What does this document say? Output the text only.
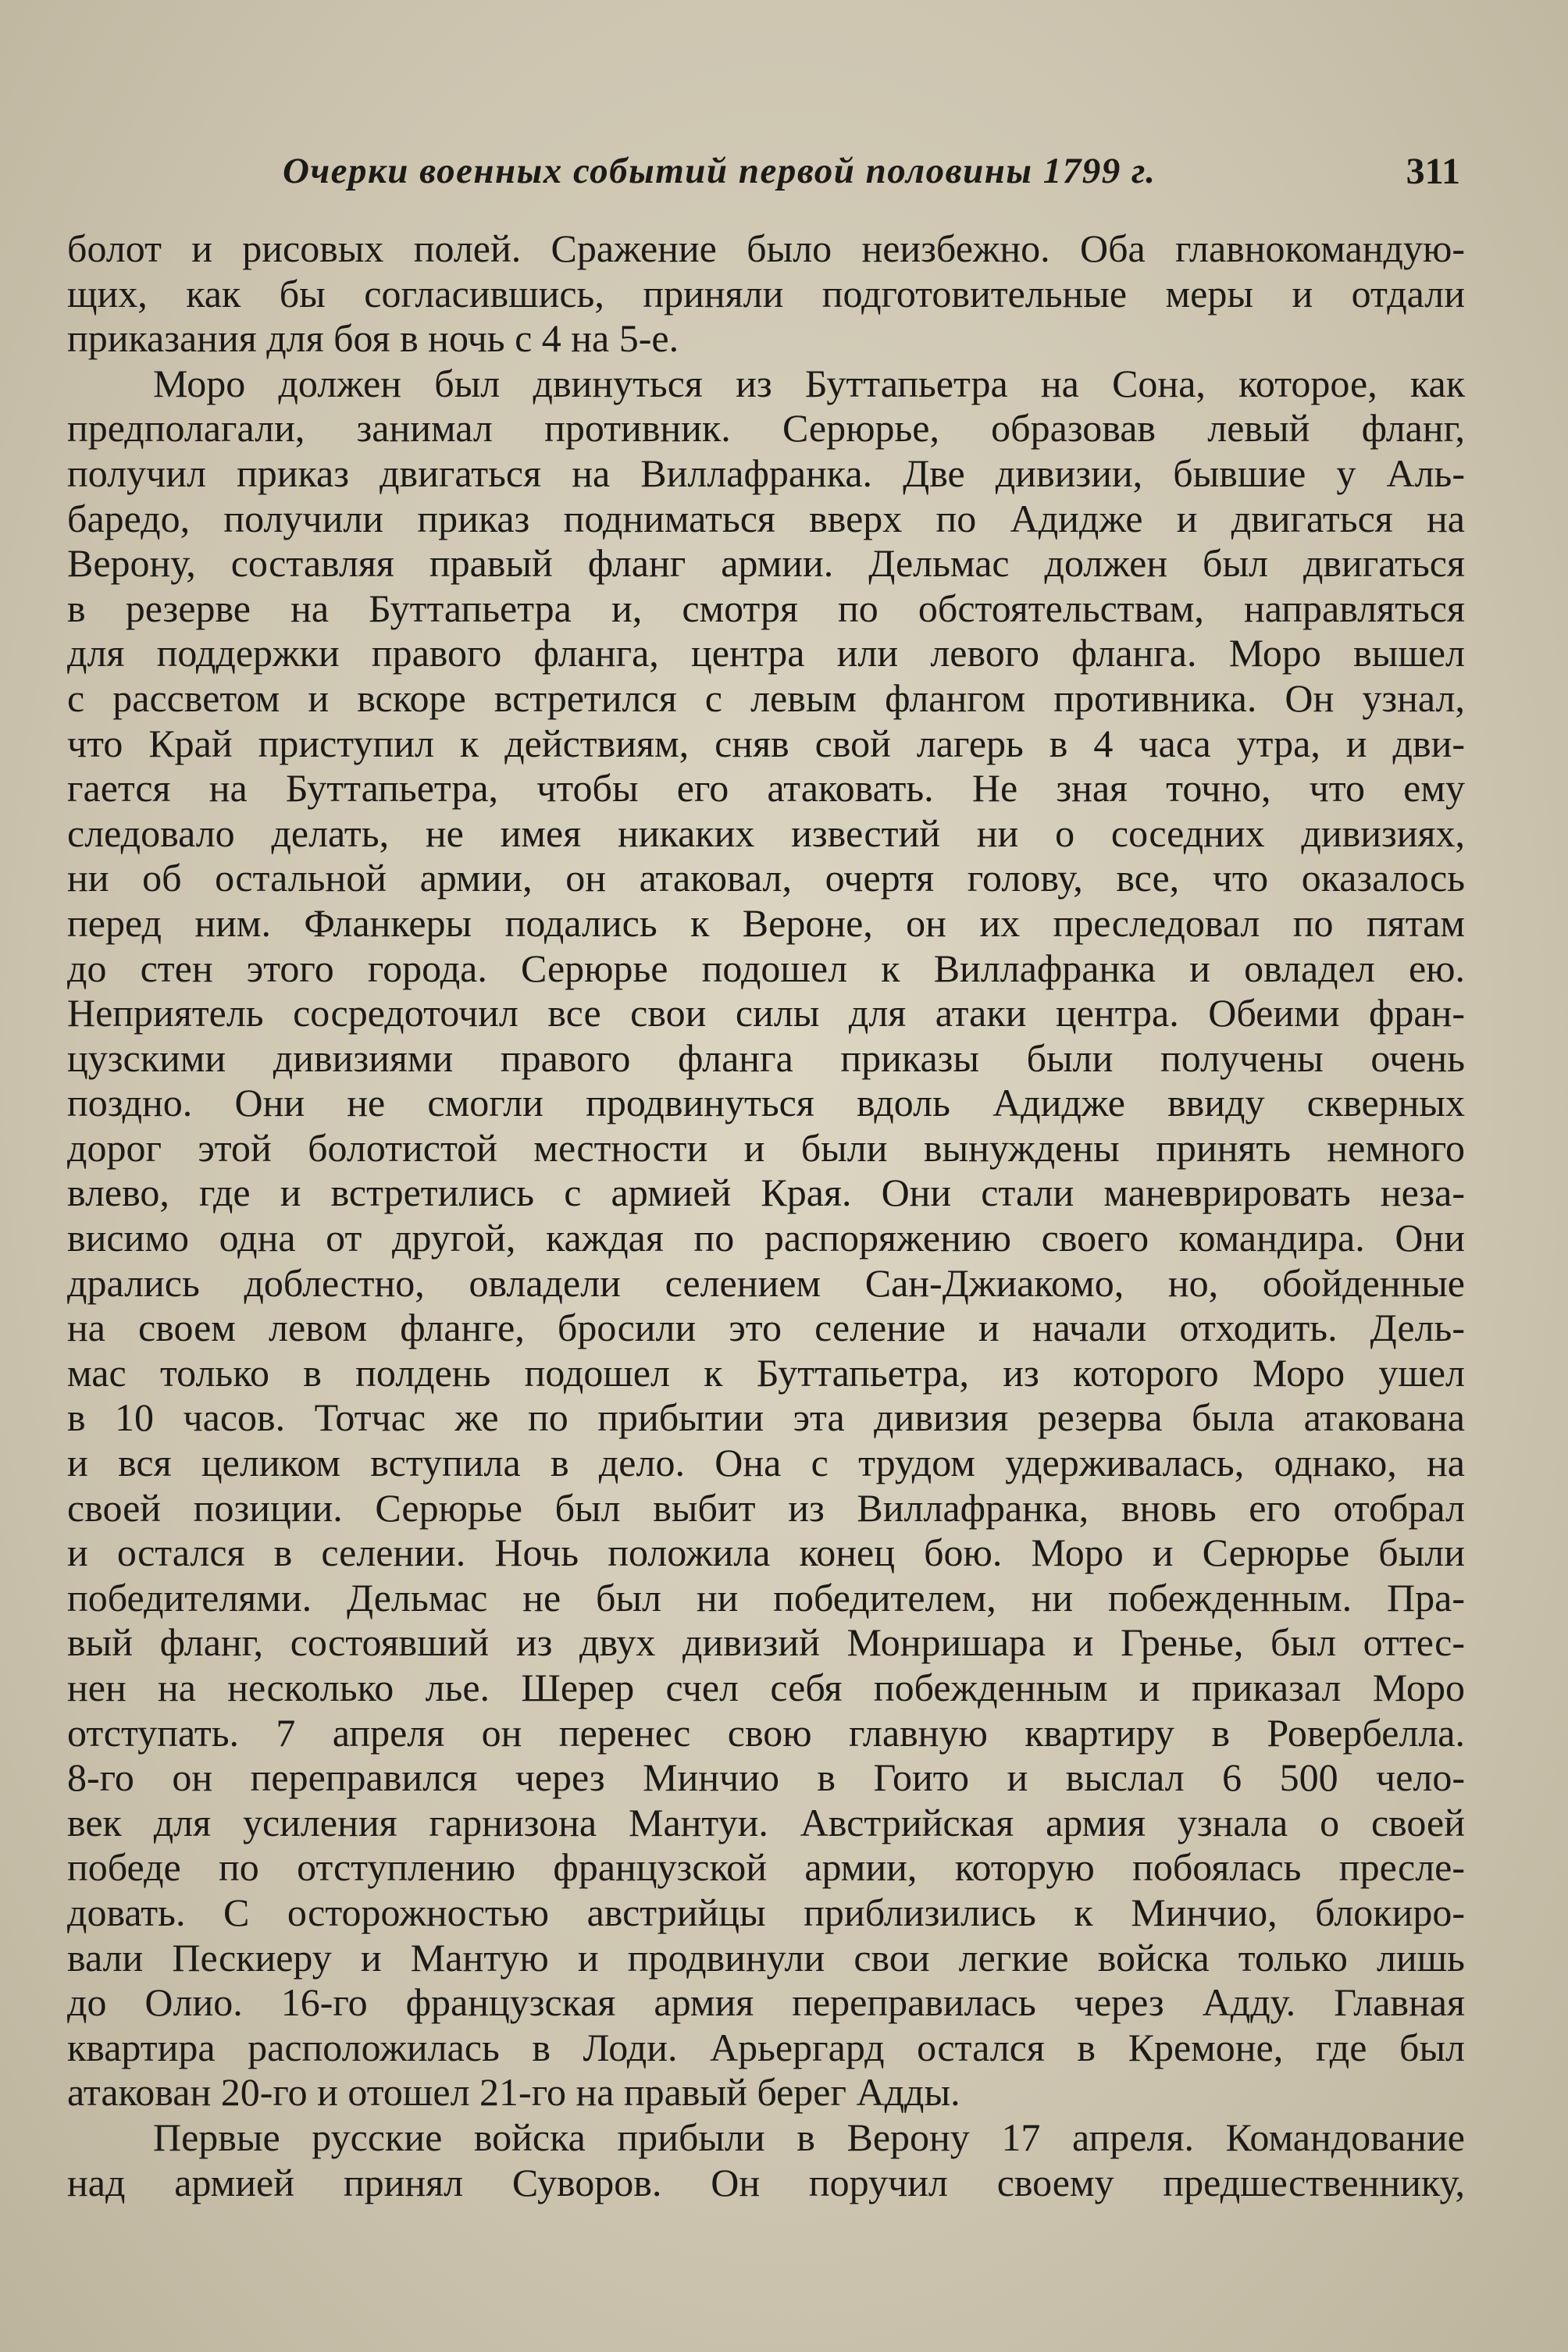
Очерки военных событий первой половины 1799 г.	311

болот и рисовых полей. Сражение было неизбежно. Оба главнокомандую-

щих, как бы согласившись, приняли подготовительные меры и отдали

приказания для боя в ночь с 4 на 5-е.

Моро должен был двинуться из Буттапьетра на Сона, которое, как

предполагали, занимал противник. Серюрье, образовав левый фланг,

получил приказ двигаться на Виллафранка. Две дивизии, бывшие у Аль-

баредо, получили приказ подниматься вверх по Адидже и двигаться на

Верону, составляя правый фланг армии. Дельмас должен был двигаться

в резерве на Буттапьетра и, смотря по обстоятельствам, направляться

для поддержки правого фланга, центра или левого фланга. Моро вышел

с рассветом и вскоре встретился с левым флангом противника. Он узнал,

что Край приступил к действиям, сняв свой лагерь в 4 часа утра, и дви-

гается на Буттапьетра, чтобы его атаковать. Не зная точно, что ему

следовало делать, не имея никаких известий ни о соседних дивизиях,

ни об остальной армии, он атаковал, очертя голову, все, что оказалось

перед ним. Фланкеры подались к Вероне, он их преследовал по пятам

до стен этого города. Серюрье подошел к Виллафранка и овладел ею.

Неприятель сосредоточил все свои силы для атаки центра. Обеими фран-

цузскими дивизиями правого фланга приказы были получены очень

поздно. Они не смогли продвинуться вдоль Адидже ввиду скверных

дорог этой болотистой местности и были вынуждены принять немного

влево, где и встретились с армией Края. Они стали маневрировать неза-

висимо одна от другой, каждая по распоряжению своего командира. Они

дрались доблестно, овладели селением Сан-Джиакомо, но, обойденные

на своем левом фланге, бросили это селение и начали отходить. Дель-

мас только в полдень подошел к Буттапьетра, из которого Моро ушел

в 10 часов. Тотчас же по прибытии эта дивизия резерва была атакована

и вся целиком вступила в дело. Она с трудом удерживалась, однако, на

своей позиции. Серюрье был выбит из Виллафранка, вновь его отобрал

и остался в селении. Ночь положила конец бою. Моро и Серюрье были

победителями. Дельмас не был ни победителем, ни побежденным. Пра-

вый фланг, состоявший из двух дивизий Монришара и Гренье, был оттес-

нен на несколько лье. Шерер счел себя побежденным и приказал Моро

отступать. 7 апреля он перенес свою главную квартиру в Ровербелла.

8-го он переправился через Минчио в Гоито и выслал 6 500 чело-

век для усиления гарнизона Мантуи. Австрийская армия узнала о своей

победе по отступлению французской армии, которую побоялась пресле-

довать. С осторожностью австрийцы приблизились к Минчио, блокиро-

вали Пескиеру и Мантую и продвинули свои легкие войска только лишь

до Олио. 16-го французская армия переправилась через Адду. Главная

квартира расположилась в Лоди. Арьергард остался в Кремоне, где был

атакован 20-го и отошел 21-го на правый берег Адды.

Первые русские войска прибыли в Верону 17 апреля. Командование

над армией принял Суворов. Он поручил своему предшественнику,
